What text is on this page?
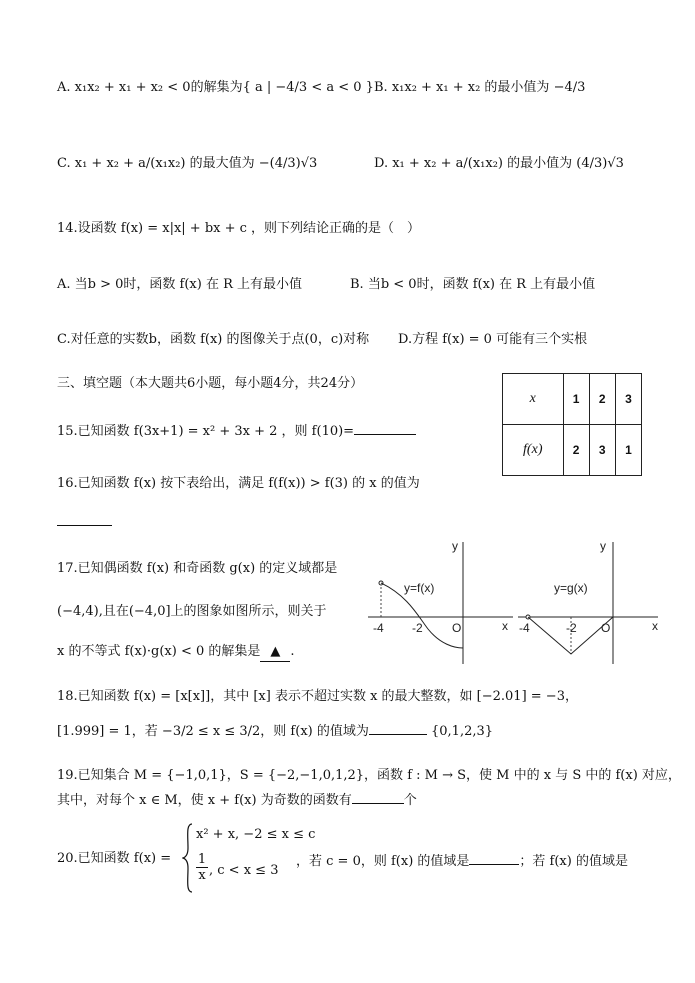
A. x₁x₂ + x₁ + x₂ < 0的解集为{ a | −4/3 < a < 0 } B. x₁x₂ + x₁ + x₂ 的最小值为 −4/3
C. x₁ + x₂ + a/(x₁x₂) 的最大值为 −(4/3)√3	D. x₁ + x₂ + a/(x₁x₂) 的最小值为 (4/3)√3
14.设函数 f(x) = x|x| + bx + c ，则下列结论正确的是（　）
A. 当b > 0时，函数 f(x) 在 R 上有最小值	B. 当b < 0时，函数 f(x) 在 R 上有最小值
C.对任意的实数b，函数 f(x) 的图像关于点(0，c)对称 D.方程 f(x) = 0 可能有三个实根
三、填空题（本大题共6小题，每小题4分，共24分）
x	1	2	3
f(x)	2	3	1
15.已知函数 f(3x+1) = x² + 3x + 2 ，则 f(10)=
16.已知函数 f(x) 按下表给出，满足 f(f(x)) > f(3) 的 x 的值为
17.已知偶函数 f(x) 和奇函数 g(x) 的定义域都是
(−4,4),且在(−4,0]上的图象如图所示，则关于
x 的不等式 f(x)·g(x) < 0 的解集是 ▲ .
y
x
y=f(x)
-4 -2 O
y
x
y=g(x)
-4	-2 O
18.已知函数 f(x) = [x[x]]，其中 [x] 表示不超过实数 x 的最大整数，如 [−2.01] = −3，
[1.999] = 1，若 −3/2 ≤ x ≤ 3/2，则 f(x) 的值域为	{0,1,2,3}
19.已知集合 M = {−1,0,1}，S = {−2,−1,0,1,2}，函数 f : M → S，使 M 中的 x 与 S 中的 f(x) 对应，
其中，对每个 x ∈ M，使 x + f(x) 为奇数的函数有	个
20.已知函数 f(x) =
x² + x, −2 ≤ x ≤ c
$\frac{1}{x}$ , c < x ≤ 3
，若 c = 0，则 f(x) 的值域是	；若 f(x) 的值域是
